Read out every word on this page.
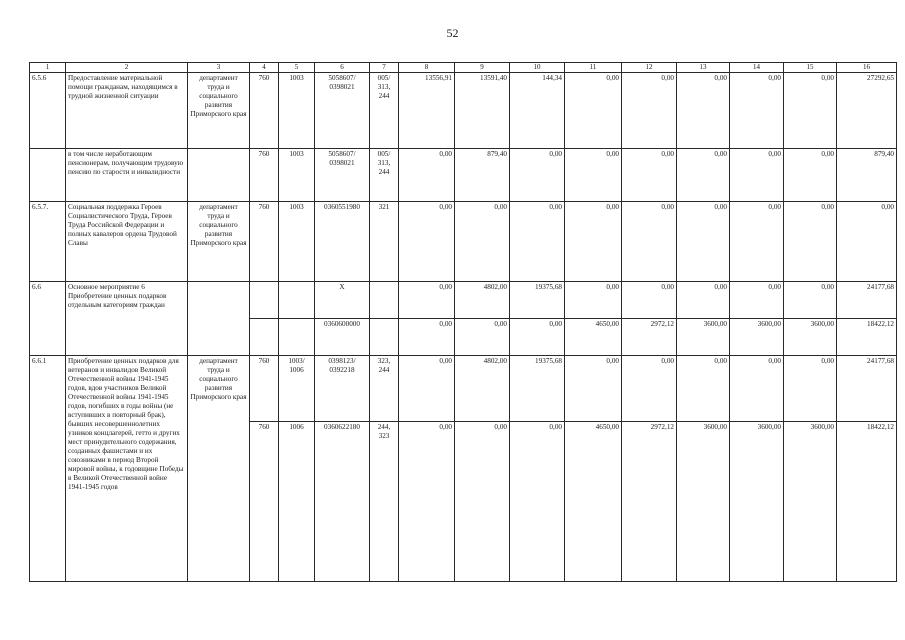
52
1	2	3	4	5	6	7	8	9	10	11	12	13	14	15	16
6.5.6	Предоставление материальной помощи гражданам, находящимся в трудной жизненной ситуации	департамент труда и социального развития Приморского края	760	1003	5058607/ 0398021	005/ 313, 244	13556,91	13591,40	144,34	0,00	0,00	0,00	0,00	0,00	27292,65
	в том числе неработающим пенсионерам, получающим трудовую пенсию по старости и инвалидности		760	1003	5058607/ 0398021	005/ 313, 244	0,00	879,40	0,00	0,00	0,00	0,00	0,00	0,00	879,40
6.5.7.	Социальная поддержка Героев Социалистического Труда, Героев Труда Российской Федерации и полных кавалеров ордена Трудовой Славы	департамент труда и социального развития Приморского края	760	1003	0360551980	321	0,00	0,00	0,00	0,00	0,00	0,00	0,00	0,00	0,00
6.6	Основное мероприятие 6 Приобретение ценных подарков отдельным категориям граждан				Х		0,00	4802,00	19375,68	0,00	0,00	0,00	0,00	0,00	24177,68
					0360600000		0,00	0,00	0,00	4650,00	2972,12	3600,00	3600,00	3600,00	18422,12
6.6.1	Приобретение ценных подарков для ветеранов и инвалидов Великой Отечественной войны 1941-1945 годов, вдов участников Великой Отечественной войны 1941-1945 годов, погибших в годы войны (не вступивших в повторный брак), бывших несовершеннолетних узников концлагерей, гетто и других мест принудительного содержания, созданных фашистами и их союзниками в период Второй мировой войны, к годовщине Победы в Великой Отечественной войне 1941-1945 годов	департамент труда и социального развития Приморского края	760	1003/ 1006	0398123/ 0392218	323, 244	0,00	4802,00	19375,68	0,00	0,00	0,00	0,00	0,00	24177,68
			760	1006	0360622180	244, 323	0,00	0,00	0,00	4650,00	2972,12	3600,00	3600,00	3600,00	18422,12
